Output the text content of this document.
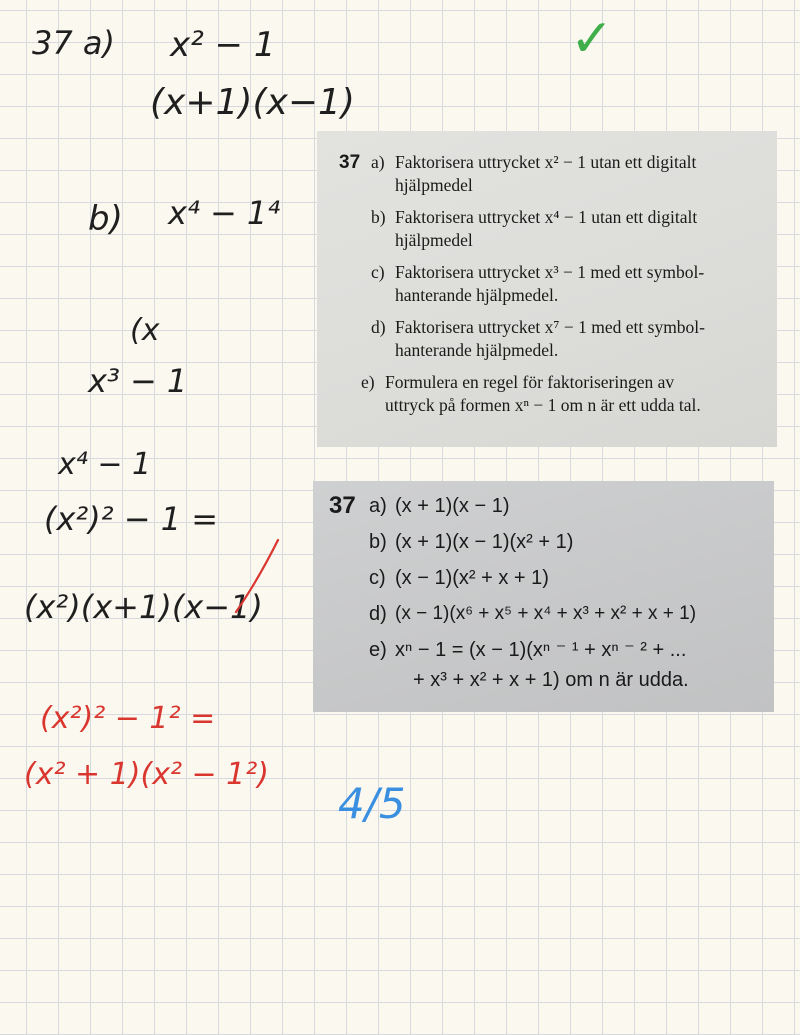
37 a) x² − 1
(x+1)(x−1)
b) x⁴ − 1⁴
(x
x³ − 1
x⁴ − 1
(x²)² − 1 =
(x²)(x+1)(x−1)
✓
(x²)² − 1² =
(x² + 1)(x² − 1²)
4/5
37 a) Faktorisera uttrycket x² − 1 utan ett digitalt
hjälpmedel
b) Faktorisera uttrycket x⁴ − 1 utan ett digitalt
hjälpmedel
c) Faktorisera uttrycket x³ − 1 med ett symbol-
hanterande hjälpmedel.
d) Faktorisera uttrycket x⁷ − 1 med ett symbol-
hanterande hjälpmedel.
e) Formulera en regel för faktoriseringen av
uttryck på formen xⁿ − 1 om n är ett udda tal.
37 a) (x + 1)(x − 1)
b) (x + 1)(x − 1)(x² + 1)
c) (x − 1)(x² + x + 1)
d) (x − 1)(x⁶ + x⁵ + x⁴ + x³ + x² + x + 1)
e) xⁿ − 1 = (x − 1)(xⁿ ⁻ ¹ + xⁿ ⁻ ² + ...
+ x³ + x² + x + 1) om n är udda.
